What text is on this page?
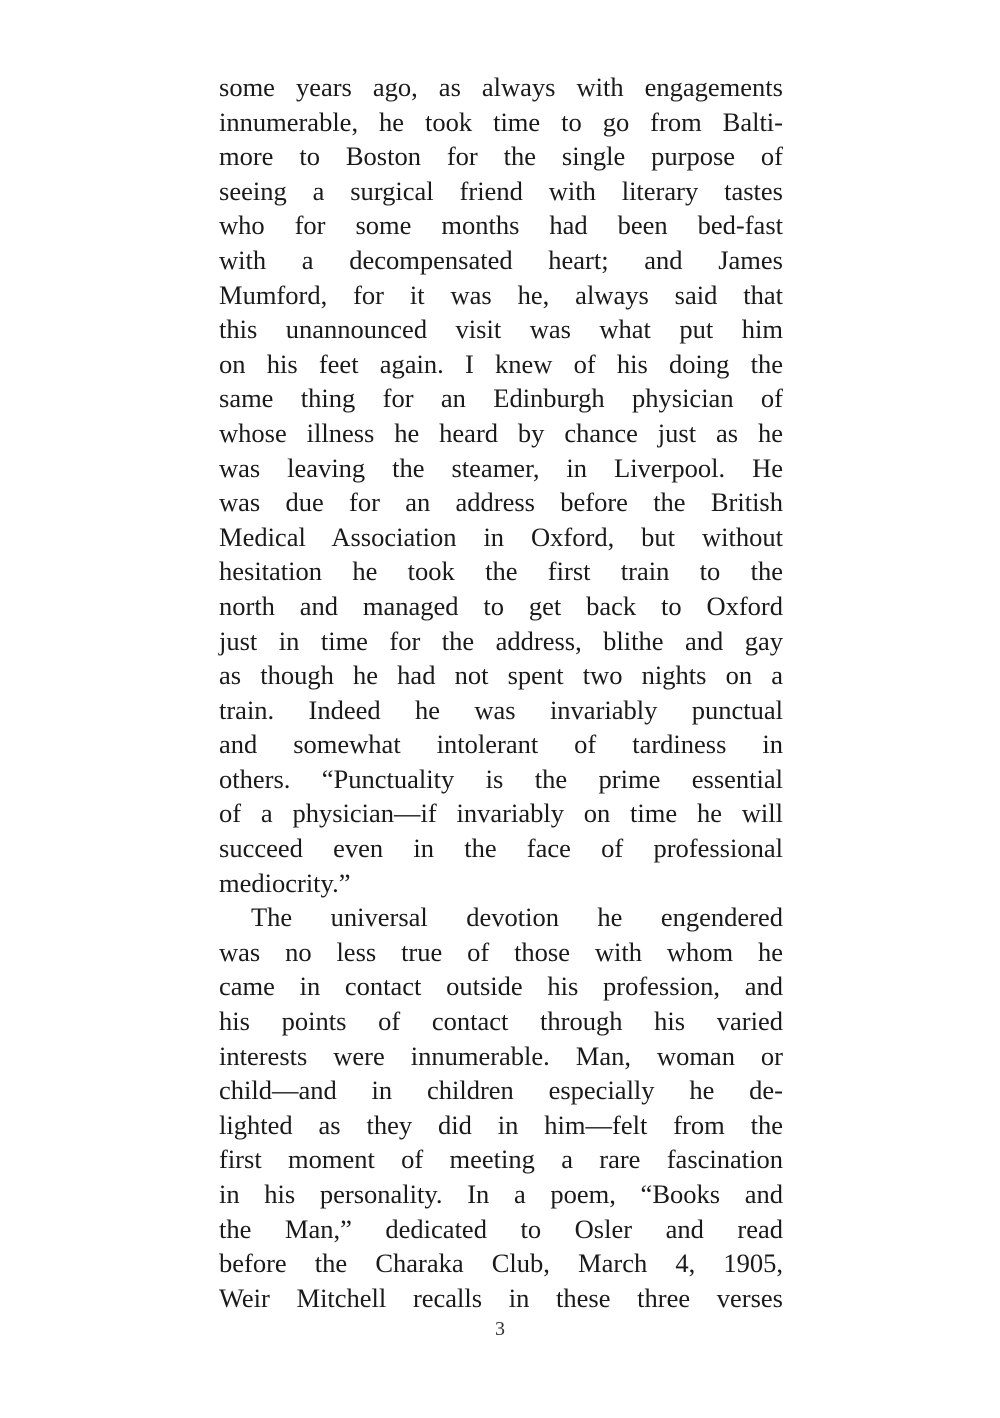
some years ago, as always with engagements
innumerable, he took time to go from Balti-
more to Boston for the single purpose of
seeing a surgical friend with literary tastes
who for some months had been bed-fast
with a decompensated heart; and James
Mumford, for it was he, always said that
this unannounced visit was what put him
on his feet again. I knew of his doing the
same thing for an Edinburgh physician of
whose illness he heard by chance just as he
was leaving the steamer, in Liverpool. He
was due for an address before the British
Medical Association in Oxford, but without
hesitation he took the first train to the
north and managed to get back to Oxford
just in time for the address, blithe and gay
as though he had not spent two nights on a
train. Indeed he was invariably punctual
and somewhat intolerant of tardiness in
others. “Punctuality is the prime essential
of a physician—if invariably on time he will
succeed even in the face of professional
mediocrity.”
The universal devotion he engendered
was no less true of those with whom he
came in contact outside his profession, and
his points of contact through his varied
interests were innumerable. Man, woman or
child—and in children especially he de-
lighted as they did in him—felt from the
first moment of meeting a rare fascination
in his personality. In a poem, “Books and
the Man,” dedicated to Osler and read
before the Charaka Club, March 4, 1905,
Weir Mitchell recalls in these three verses
3
